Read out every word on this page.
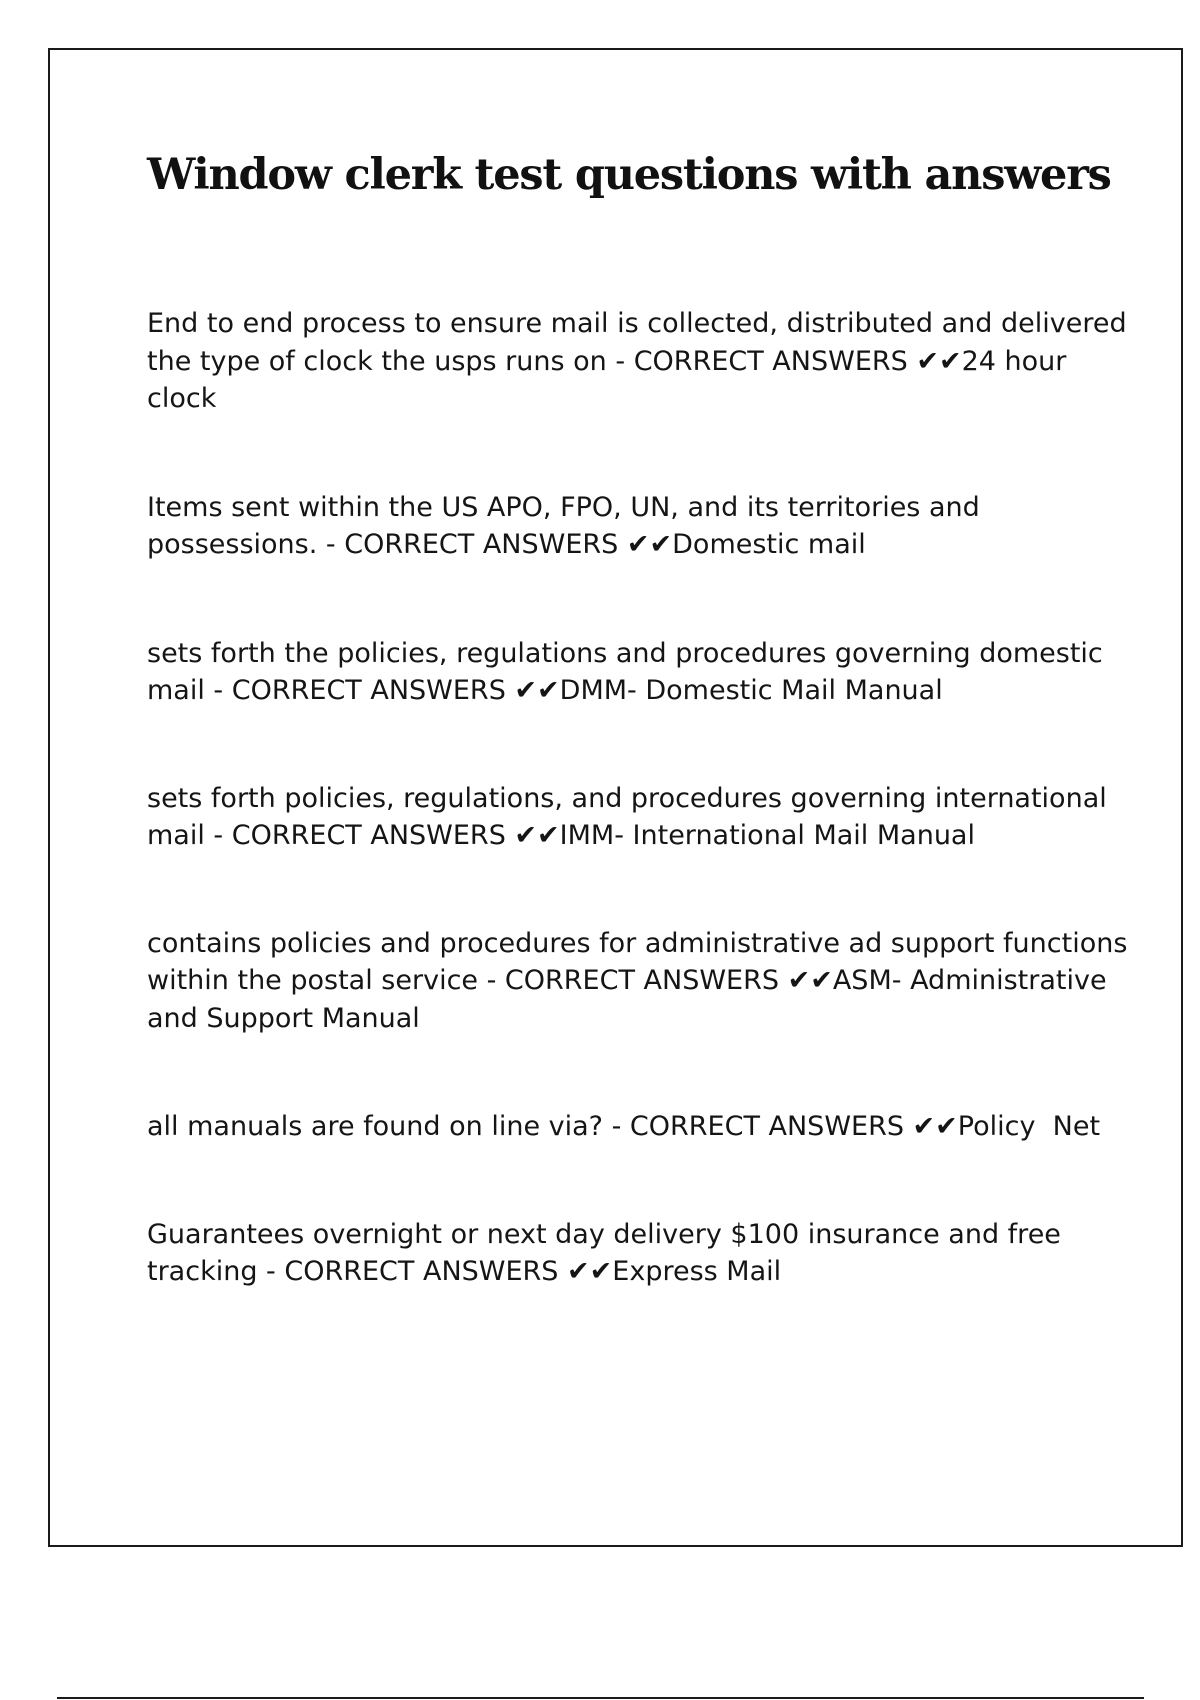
Window clerk test questions with answers

End to end process to ensure mail is collected, distributed and delivered the type of clock the usps runs on - CORRECT ANSWERS ✔✔24 hour clock

Items sent within the US APO, FPO, UN, and its territories and possessions. - CORRECT ANSWERS ✔✔Domestic mail

sets forth the policies, regulations and procedures governing domestic mail - CORRECT ANSWERS ✔✔DMM- Domestic Mail Manual

sets forth policies, regulations, and procedures governing international mail - CORRECT ANSWERS ✔✔IMM- International Mail Manual

contains policies and procedures for administrative ad support functions within the postal service - CORRECT ANSWERS ✔✔ASM- Administrative and Support Manual

all manuals are found on line via? - CORRECT ANSWERS ✔✔Policy  Net

Guarantees overnight or next day delivery $100 insurance and free tracking - CORRECT ANSWERS ✔✔Express Mail
